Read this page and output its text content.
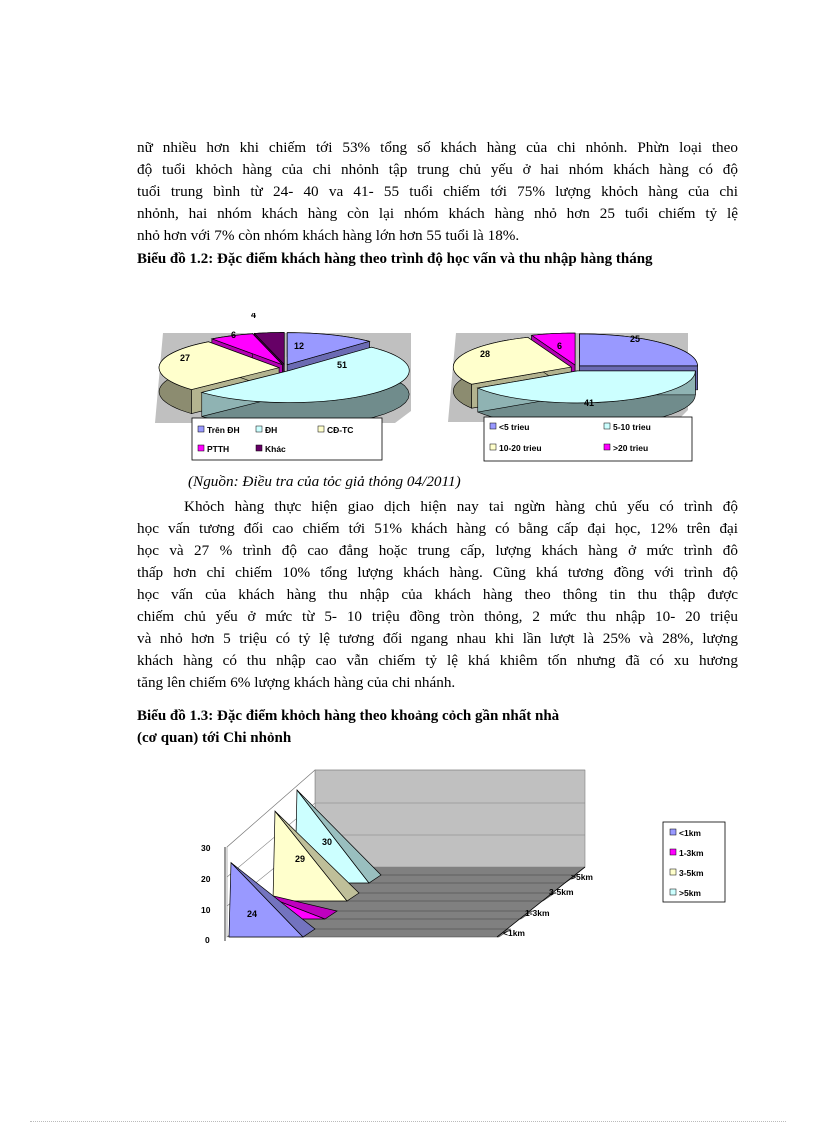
nữ nhiều hơn khi chiếm tới 53% tổng số khách hàng của chi nhỏnh. Phừn loại theo
độ tuổi khỏch hàng của chi nhỏnh tập trung chủ yếu ở hai nhóm khách hàng có độ
tuổi trung bình từ 24- 40 va 41- 55 tuổi chiếm tới 75% lượng khỏch hàng của chi
nhỏnh, hai nhóm khách hàng còn lại nhóm khách hàng nhỏ hơn 25 tuổi chiếm tỷ lệ
nhỏ hơn với 7% còn nhóm khách hàng lớn hơn 55 tuổi là 18%.

Biểu đồ 1.2: Đặc điểm khách hàng theo trình độ học vấn và thu nhập hàng tháng
12
51
27
6
4
Trên ĐH	ĐH	CĐ-TC
PTTH	Khác
25
41
28
6
<5 trieu	5-10 trieu
10-20 trieu	>20 trieu
(Nguồn: Điều tra của tỏc giả thỏng 04/2011)

Khỏch hàng thực hiện giao dịch hiện nay tai ngừn hàng chủ yếu có trình độ
học vấn tương đối cao chiếm tới 51% khách hàng có bằng cấp đại học, 12% trên đại
học và 27 % trình độ cao đẳng hoặc trung cấp, lượng khách hàng ở mức trình đô
thấp hơn chỉ chiếm 10% tổng lượng khách hàng. Cũng khá tương đồng với trình độ
học vấn của khách hàng thu nhập của khách hàng theo thông tin thu thập được
chiếm chủ yếu ở mức từ 5- 10 triệu đồng tròn thỏng, 2 mức thu nhập 10- 20 triệu
và nhỏ hơn 5 triệu có tỷ lệ tương đối ngang nhau khi lần lượt là 25% và 28%, lượng
khách hàng có thu nhập cao vẫn chiếm tỷ lệ khá khiêm tốn nhưng đã có xu hương
tăng lên chiếm 6% lượng khách hàng của chi nhánh.

Biểu đồ 1.3: Đặc điểm khỏch hàng theo khoảng cỏch gần nhất nhà
(cơ quan) tới Chi nhỏnh
0
10
20
30
<1km
1-3km
3-5km
>5km
24
29
30
<1km
1-3km
3-5km
>5km
